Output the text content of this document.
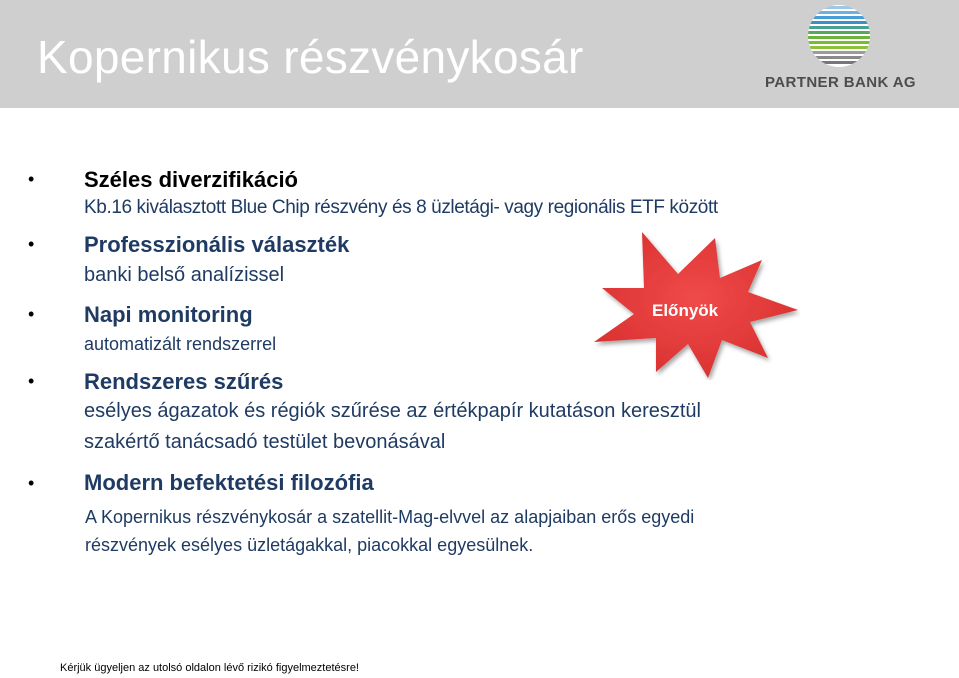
Kopernikus részvénykosár	PARTNER BANK AG
• Széles diverzifikáció
Kb.16 kiválasztott Blue Chip részvény és 8 üzletági- vagy regionális ETF között
• Professzionális választék
banki belső analízissel
• Napi monitoring
automatizált rendszerrel
• Rendszeres szűrés
esélyes ágazatok és régiók szűrése az értékpapír kutatáson keresztül
szakértő tanácsadó testület bevonásával
• Modern befektetési filozófia
A Kopernikus részvénykosár a szatellit-Mag-elvvel az alapjaiban erős egyedi
részvények esélyes üzletágakkal, piacokkal egyesülnek.
Előnyök
Kérjük ügyeljen az utolsó oldalon lévő rizikó figyelmeztetésre!
